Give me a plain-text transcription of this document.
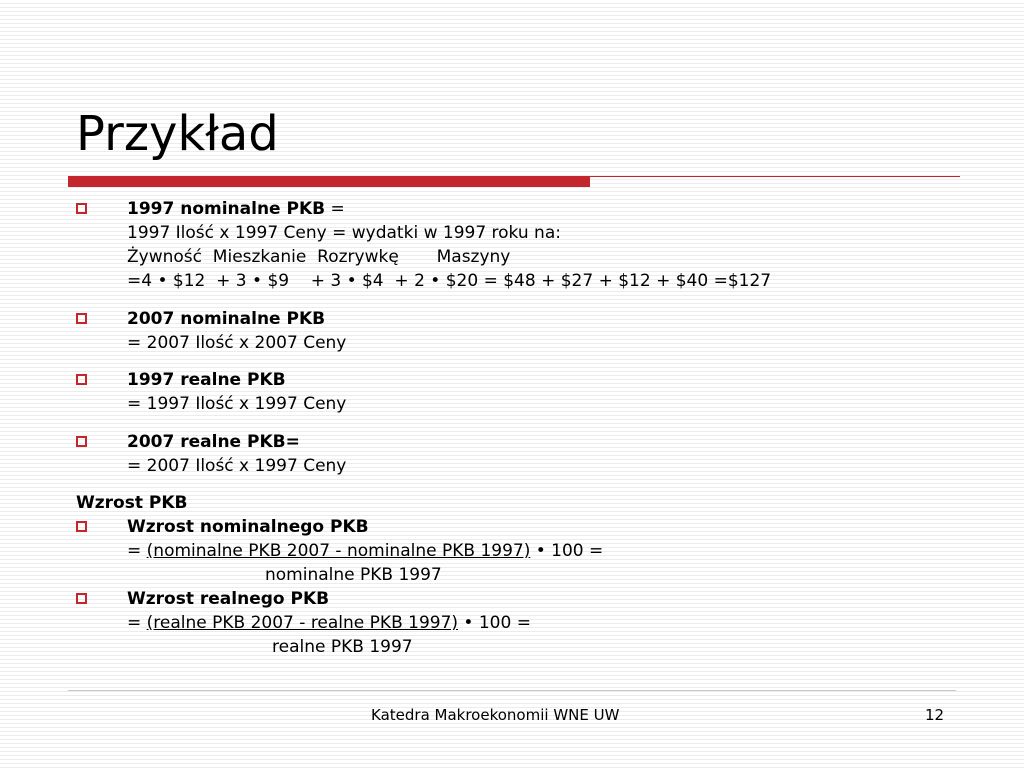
Przykład
1997 nominalne PKB =
1997 Ilość x 1997 Ceny = wydatki w 1997 roku na:
Żywność  Mieszkanie  Rozrywkę       Maszyny
=4 • $12  + 3 • $9    + 3 • $4  + 2 • $20 = $48 + $27 + $12 + $40 =$127
2007 nominalne PKB
= 2007 Ilość x 2007 Ceny
1997 realne PKB
= 1997 Ilość x 1997 Ceny
2007 realne PKB=
= 2007 Ilość x 1997 Ceny
Wzrost PKB
Wzrost nominalnego PKB
= (nominalne PKB 2007 - nominalne PKB 1997) • 100 =
nominalne PKB 1997
Wzrost realnego PKB
= (realne PKB 2007 - realne PKB 1997) • 100 =
realne PKB 1997
Katedra Makroekonomii WNE UW	12
